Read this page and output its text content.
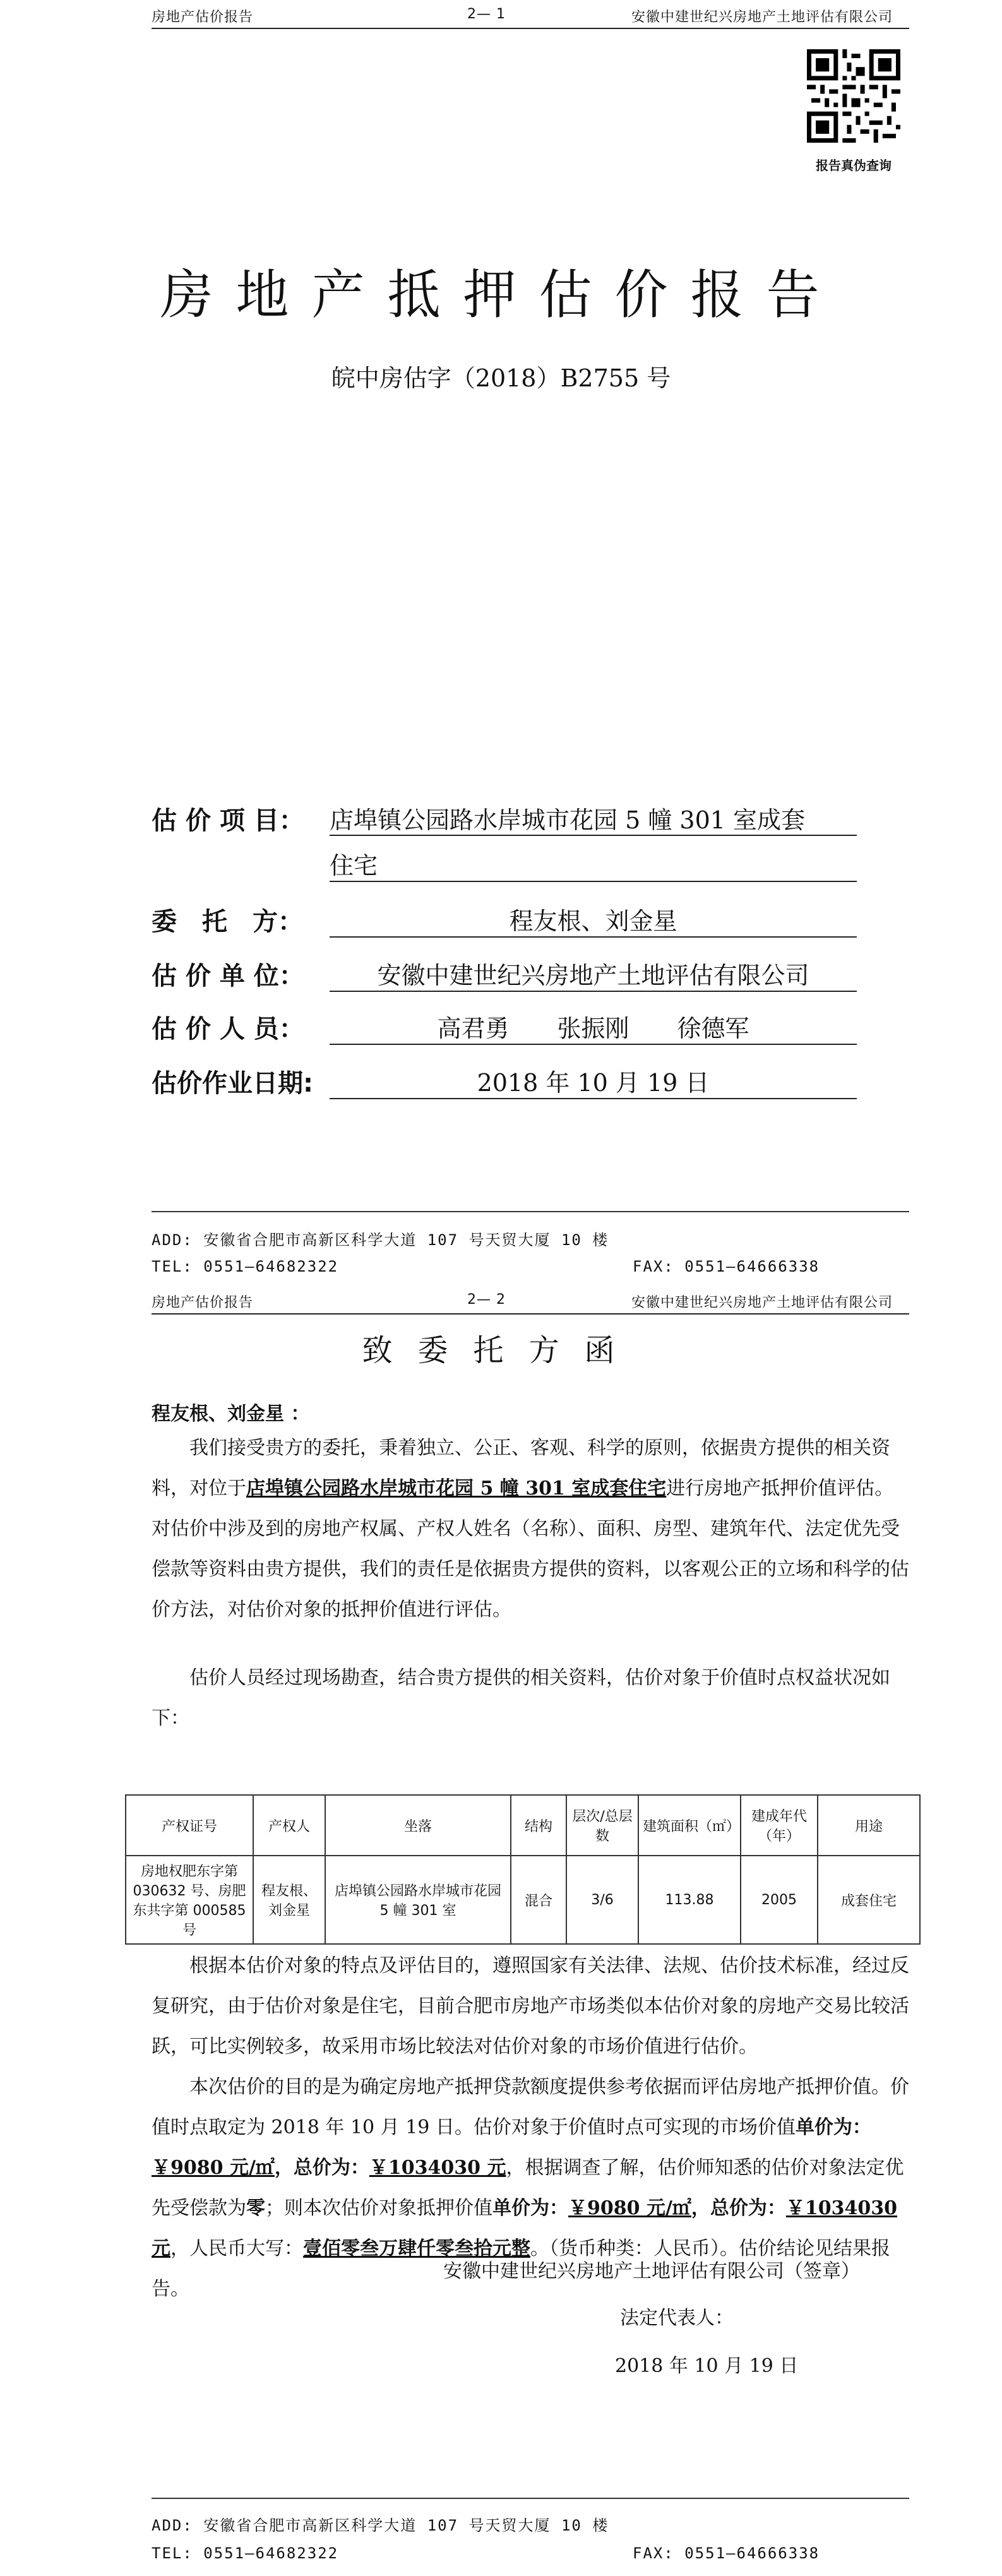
房地产估价报告	2— 1	安徽中建世纪兴房地产土地评估有限公司
报告真伪查询
房地产抵押估价报告
皖中房估字（2018）B2755 号
估 价 项 目： 店埠镇公园路水岸城市花园 5 幢 301 室成套
住宅
委　托　方：	程友根、刘金星
估 价 单 位：	安徽中建世纪兴房地产土地评估有限公司
估 价 人 员：	高君勇　　张振刚　　徐德军
估价作业日期:	2018 年 10 月 19 日
ADD: 安徽省合肥市高新区科学大道 107 号天贸大厦 10 楼
TEL: 0551—64682322	FAX: 0551—64666338
房地产估价报告	2— 2	安徽中建世纪兴房地产土地评估有限公司
致委托方函
程友根、刘金星 ：

我们接受贵方的委托，秉着独立、公正、客观、科学的原则，依据贵方提供的相关资料，对位于店埠镇公园路水岸城市花园 5 幢 301 室成套住宅进行房地产抵押价值评估。对估价中涉及到的房地产权属、产权人姓名（名称）、面积、房型、建筑年代、法定优先受偿款等资料由贵方提供，我们的责任是依据贵方提供的资料，以客观公正的立场和科学的估价方法，对估价对象的抵押价值进行评估。

估价人员经过现场勘查，结合贵方提供的相关资料，估价对象于价值时点权益状况如下：

产权证号	产权人	坐落	结构	层次/总层数	建筑面积（㎡）	建成年代（年）	用途
房地权肥东字第 030632 号、房肥东共字第 000585 号	程友根、刘金星	店埠镇公园路水岸城市花园 5 幢 301 室	混合	3/6	113.88	2005	成套住宅

根据本估价对象的特点及评估目的，遵照国家有关法律、法规、估价技术标准，经过反复研究，由于估价对象是住宅，目前合肥市房地产市场类似本估价对象的房地产交易比较活跃，可比实例较多，故采用市场比较法对估价对象的市场价值进行估价。

本次估价的目的是为确定房地产抵押贷款额度提供参考依据而评估房地产抵押价值。价值时点取定为 2018 年 10 月 19 日。估价对象于价值时点可实现的市场价值单价为：￥9080 元/㎡，总价为：￥1034030 元，根据调查了解，估价师知悉的估价对象法定优先受偿款为零；则本次估价对象抵押价值单价为：￥9080 元/㎡，总价为：￥1034030 元，人民币大写：壹佰零叁万肆仟零叁拾元整。（货币种类：人民币）。估价结论见结果报告。

安徽中建世纪兴房地产土地评估有限公司（签章）
法定代表人：
2018 年 10 月 19 日
ADD: 安徽省合肥市高新区科学大道 107 号天贸大厦 10 楼
TEL: 0551—64682322	FAX: 0551—64666338
